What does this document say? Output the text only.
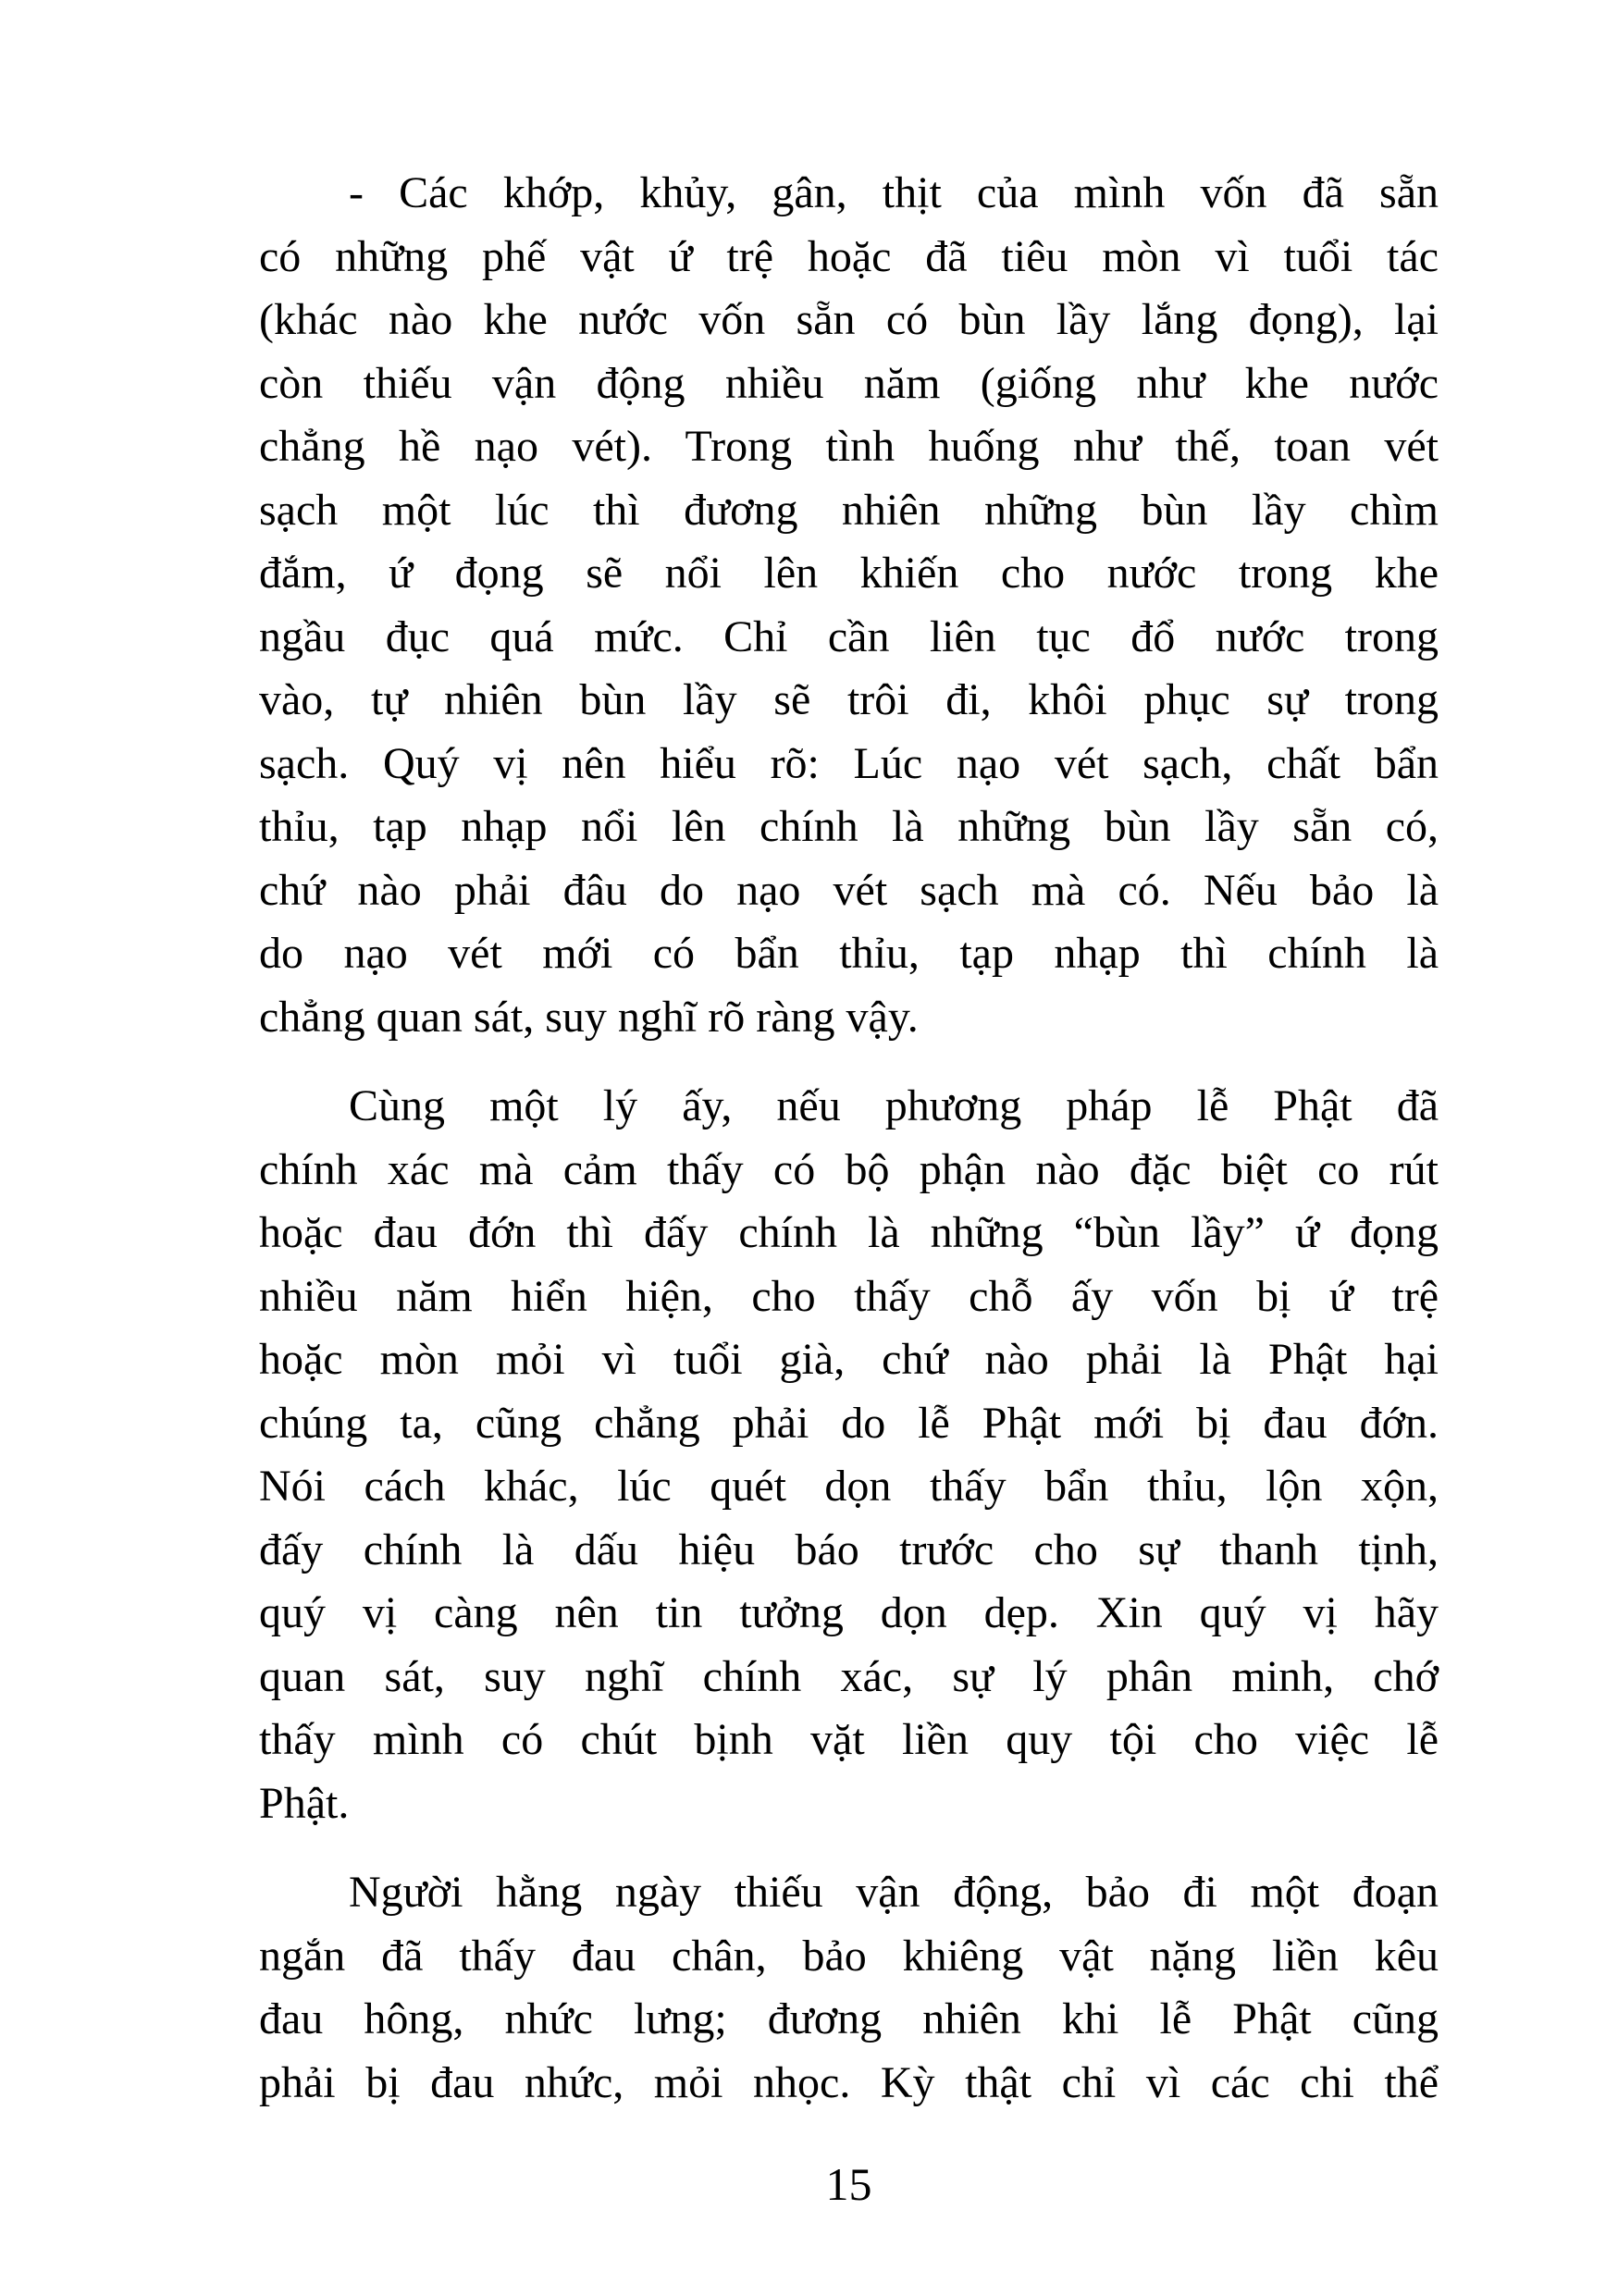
- Các khớp, khủy, gân, thịt của mình vốn đã sẵn
có những phế vật ứ trệ hoặc đã tiêu mòn vì tuổi tác
(khác nào khe nước vốn sẵn có bùn lầy lắng đọng), lại
còn thiếu vận động nhiều năm (giống như khe nước
chẳng hề nạo vét). Trong tình huống như thế, toan vét
sạch một lúc thì đương nhiên những bùn lầy chìm
đắm, ứ đọng sẽ nổi lên khiến cho nước trong khe
ngầu đục quá mức. Chỉ cần liên tục đổ nước trong
vào, tự nhiên bùn lầy sẽ trôi đi, khôi phục sự trong
sạch. Quý vị nên hiểu rõ: Lúc nạo vét sạch, chất bẩn
thỉu, tạp nhạp nổi lên chính là những bùn lầy sẵn có,
chứ nào phải đâu do nạo vét sạch mà có. Nếu bảo là
do nạo vét mới có bẩn thỉu, tạp nhạp thì chính là
chẳng quan sát, suy nghĩ rõ ràng vậy.
Cùng một lý ấy, nếu phương pháp lễ Phật đã
chính xác mà cảm thấy có bộ phận nào đặc biệt co rút
hoặc đau đớn thì đấy chính là những “bùn lầy” ứ đọng
nhiều năm hiển hiện, cho thấy chỗ ấy vốn bị ứ trệ
hoặc mòn mỏi vì tuổi già, chứ nào phải là Phật hại
chúng ta, cũng chẳng phải do lễ Phật mới bị đau đớn.
Nói cách khác, lúc quét dọn thấy bẩn thỉu, lộn xộn,
đấy chính là dấu hiệu báo trước cho sự thanh tịnh,
quý vị càng nên tin tưởng dọn dẹp. Xin quý vị hãy
quan sát, suy nghĩ chính xác, sự lý phân minh, chớ
thấy mình có chút bịnh vặt liền quy tội cho việc lễ
Phật.
Người hằng ngày thiếu vận động, bảo đi một đoạn
ngắn đã thấy đau chân, bảo khiêng vật nặng liền kêu
đau hông, nhức lưng; đương nhiên khi lễ Phật cũng
phải bị đau nhức, mỏi nhọc. Kỳ thật chỉ vì các chi thể
15
